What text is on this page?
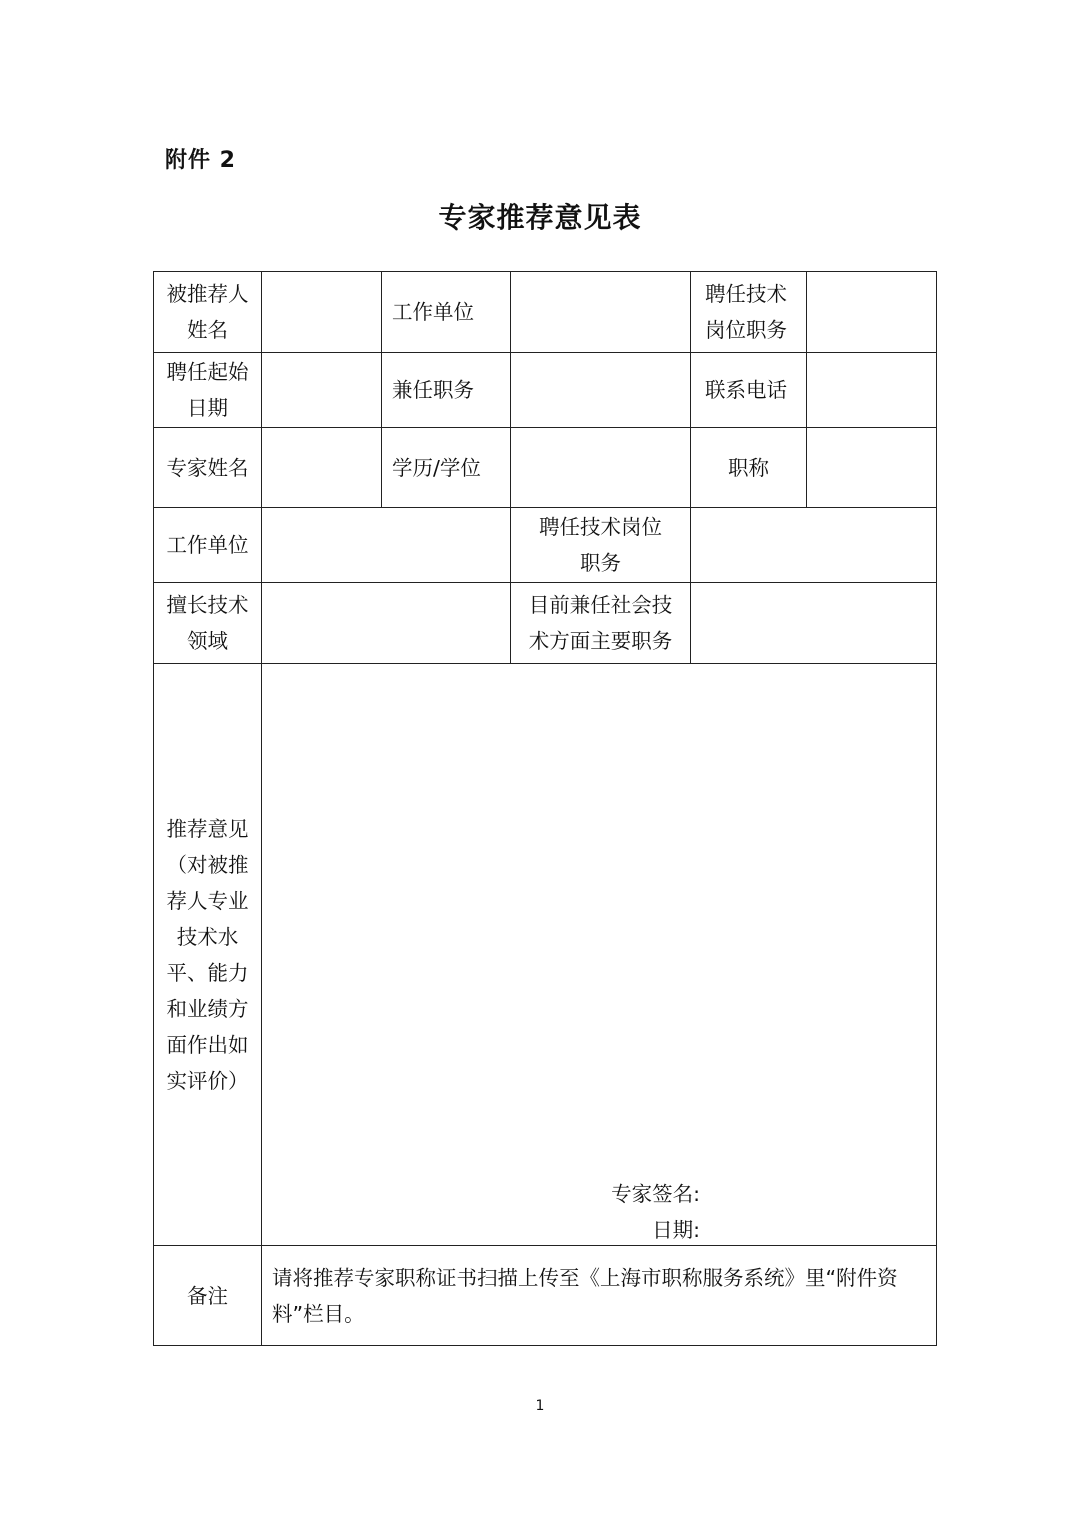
附件 2
专家推荐意见表
被推荐人姓名		工作单位		聘任技术岗位职务	
聘任起始日期		兼任职务		联系电话	
专家姓名		学历/学位		职称	
工作单位			聘任技术岗位职务		
擅长技术领域			目前兼任社会技术方面主要职务		
推荐意见（对被推荐人专业技术水平、能力和业绩方面作出如实评价）	专家签名:
日期:				

备注	请将推荐专家职称证书扫描上传至《上海市职称服务系统》里“附件资料”栏目。				
1
